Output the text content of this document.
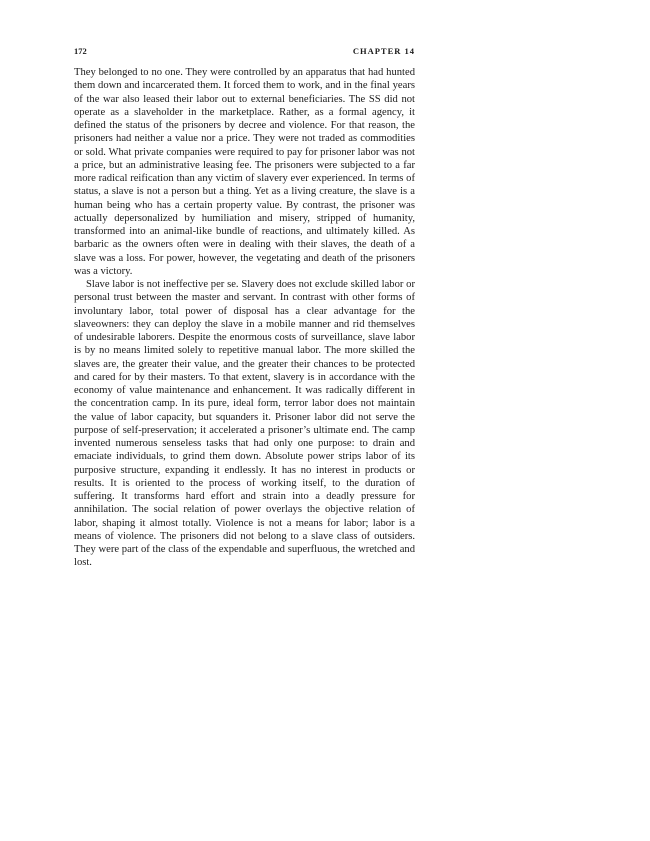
172	CHAPTER 14

They belonged to no one. They were controlled by an apparatus that had hunted them down and incarcerated them. It forced them to work, and in the final years of the war also leased their labor out to external beneficiaries. The SS did not operate as a slaveholder in the marketplace. Rather, as a formal agency, it defined the status of the prisoners by decree and violence. For that reason, the prisoners had neither a value nor a price. They were not traded as commodities or sold. What private companies were required to pay for prisoner labor was not a price, but an administrative leasing fee. The prisoners were subjected to a far more radical reification than any victim of slavery ever experienced. In terms of status, a slave is not a person but a thing. Yet as a living creature, the slave is a human being who has a certain property value. By contrast, the prisoner was actually depersonalized by humiliation and misery, stripped of humanity, transformed into an animal-like bundle of reactions, and ultimately killed. As barbaric as the owners often were in dealing with their slaves, the death of a slave was a loss. For power, however, the vegetating and death of the prisoners was a victory.

Slave labor is not ineffective per se. Slavery does not exclude skilled labor or personal trust between the master and servant. In contrast with other forms of involuntary labor, total power of disposal has a clear advantage for the slaveowners: they can deploy the slave in a mobile manner and rid themselves of undesirable laborers. Despite the enormous costs of surveillance, slave labor is by no means limited solely to repetitive manual labor. The more skilled the slaves are, the greater their value, and the greater their chances to be protected and cared for by their masters. To that extent, slavery is in accordance with the economy of value maintenance and enhancement. It was radically different in the concentration camp. In its pure, ideal form, terror labor does not maintain the value of labor capacity, but squanders it. Prisoner labor did not serve the purpose of self-preservation; it accelerated a prisoner’s ultimate end. The camp invented numerous senseless tasks that had only one purpose: to drain and emaciate individuals, to grind them down. Absolute power strips labor of its purposive structure, expanding it endlessly. It has no interest in products or results. It is oriented to the process of working itself, to the duration of suffering. It transforms hard effort and strain into a deadly pressure for annihilation. The social relation of power overlays the objective relation of labor, shaping it almost totally. Violence is not a means for labor; labor is a means of violence. The prisoners did not belong to a slave class of outsiders. They were part of the class of the expendable and superfluous, the wretched and lost.
